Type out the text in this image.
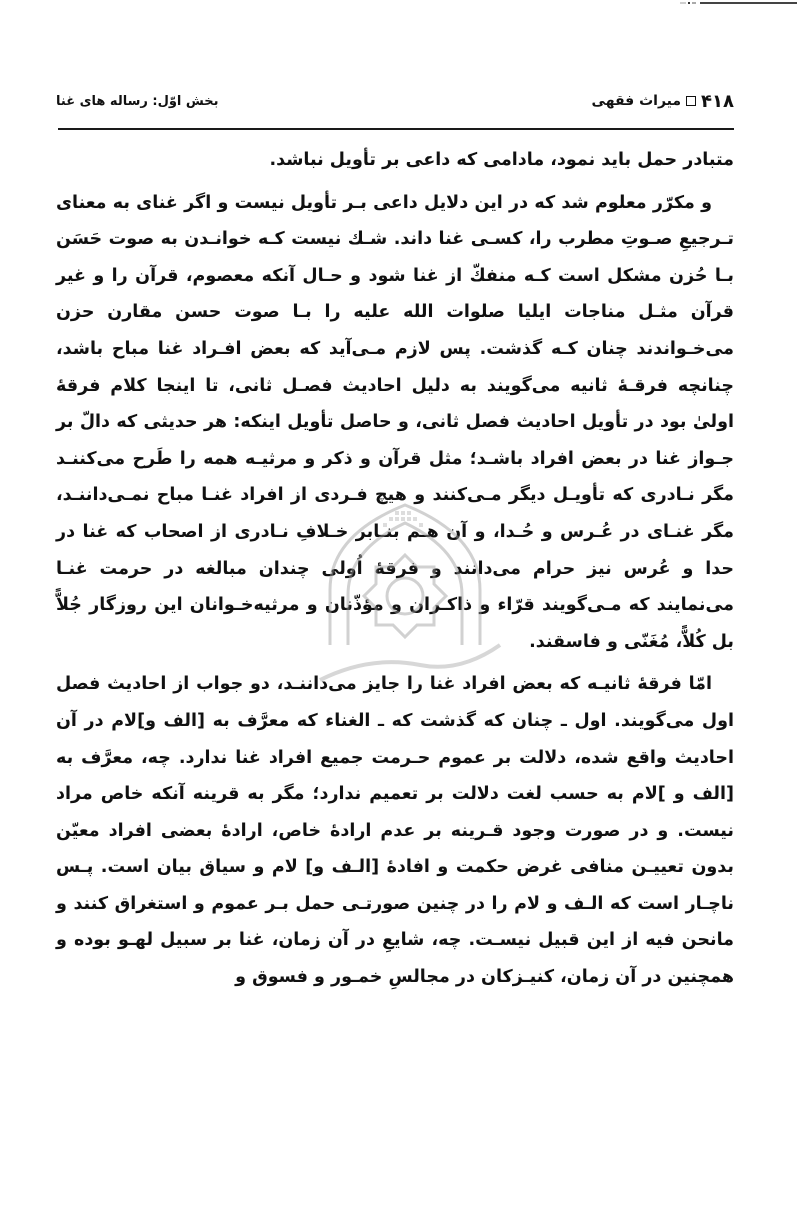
۴۱۸
میراث فقهی
بخش اوّل: رساله های غنا

متبادر حمل باید نمود، مادامی که داعی بر تأویل نباشد.

و مکرّر معلوم شد که در این دلایل داعی بـر تأویل نیست و اگر غنای به معنای تـرجیعِ صـوتِ مطرب را، کسـی غنا داند. شـك نیست کـه خوانـدن به صوت حَسَن بـا حُزن مشکل است کـه منفكّ از غنا شود و حـال آنکه معصوم، قرآن را و غیر قرآن مثـل مناجات ایلیا صلوات الله علیه را بـا صوت حسن مقارن حزن می‌خـواندند چنان کـه گذشت. پس لازم مـی‌آید که بعض افـراد غنا مباح باشد، چنانچه فرقـهٔ ثانیه می‌گویند به دلیل احادیث فصـل ثانی، تا اینجا کلام فرقهٔ اولیٰ بود در تأویل احادیث فصل ثانی، و حاصل تأویل اینکه: هر حدیثی که دالّ بر جـواز غنا در بعض افراد باشـد؛ مثل قرآن و ذکر و مرثیـه همه را طَرح می‌کننـد مگر نـادری که تأویـل دیگر مـی‌کنند و هیچ فـردی از افراد غنـا مباح نمـی‌داننـد، مگر غنـای در عُـرس و حُـدا، و آن هـم بنـابر خـلافِ نـادری از اصحاب که غنا در حدا و عُرس نیز حرام می‌دانند و فرقهٔ اُولی چندان مبالغه در حرمت غنـا می‌نمایند که مـی‌گویند قرّاء و ذاکـران و مؤذّنان و مرثیه‌خـوانان این روزگار جُلاًّ بل کُلاًّ، مُغَنّی و فاسقند.

امّا فرقهٔ ثانیـه که بعض افراد غنا را جایز می‌داننـد، دو جواب از احادیث فصل اول می‌گویند. اول ـ چنان که گذشت که ـ الغناء که معرَّف به [الف و]لام در آن احادیث واقع شده، دلالت بر عموم حـرمت جمیع افراد غنا ندارد. چه، معرَّف به [الف و ]لام به حسب لغت دلالت بر تعمیم ندارد؛ مگر به قرینه آنکه خاص مراد نیست. و در صورت وجود قـرینه بر عدم ارادهٔ خاص، ارادهٔ بعضی افراد معیّن بدون تعییـن منافی غرض حکمت و افادهٔ [الـف و] لام و سیاق بیان است. پـس ناچـار است که الـف و لام را در چنین صورتـی حمل بـر عموم و استغراق کنند و مانحن فیه از این قبیل نیسـت. چه، شایعِ در آن زمان، غنا بر سبیل لهـو بوده و همچنین در آن زمان، کنیـزکان در مجالسِ خمـور و فسوق و
